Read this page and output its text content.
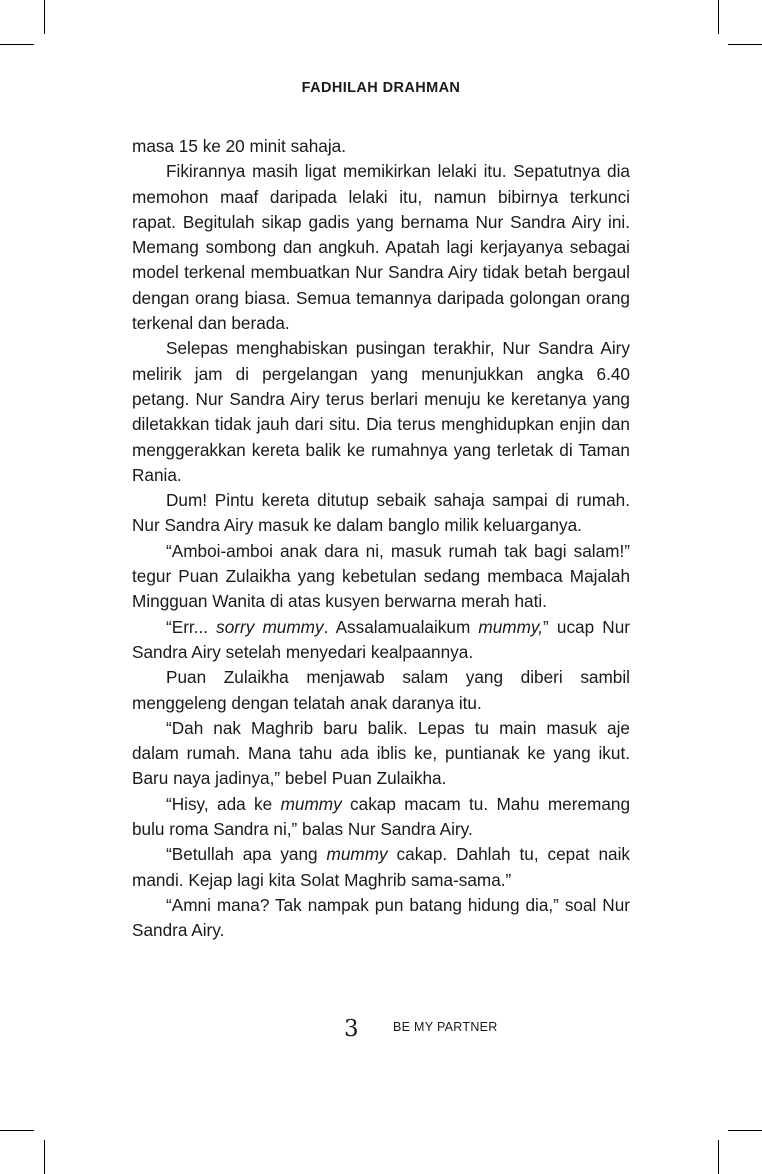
FADHILAH DRAHMAN

masa 15 ke 20 minit sahaja.

Fikirannya masih ligat memikirkan lelaki itu. Sepatutnya dia memohon maaf daripada lelaki itu, namun bibirnya terkunci rapat. Begitulah sikap gadis yang bernama Nur Sandra Airy ini. Memang sombong dan angkuh. Apatah lagi kerjayanya sebagai model terkenal membuatkan Nur Sandra Airy tidak betah bergaul dengan orang biasa. Semua temannya daripada golongan orang terkenal dan berada.

Selepas menghabiskan pusingan terakhir, Nur Sandra Airy melirik jam di pergelangan yang menunjukkan angka 6.40 petang. Nur Sandra Airy terus berlari menuju ke keretanya yang diletakkan tidak jauh dari situ. Dia terus menghidupkan enjin dan menggerakkan kereta balik ke rumahnya yang terletak di Taman Rania.

Dum! Pintu kereta ditutup sebaik sahaja sampai di rumah. Nur Sandra Airy masuk ke dalam banglo milik keluarganya.

“Amboi-amboi anak dara ni, masuk rumah tak bagi salam!” tegur Puan Zulaikha yang kebetulan sedang membaca Majalah Mingguan Wanita di atas kusyen berwarna merah hati.

“Err... sorry mummy. Assalamualaikum mummy,” ucap Nur Sandra Airy setelah menyedari kealpaannya.

Puan Zulaikha menjawab salam yang diberi sambil menggeleng dengan telatah anak daranya itu.

“Dah nak Maghrib baru balik. Lepas tu main masuk aje dalam rumah. Mana tahu ada iblis ke, puntianak ke yang ikut. Baru naya jadinya,” bebel Puan Zulaikha.

“Hisy, ada ke mummy cakap macam tu. Mahu meremang bulu roma Sandra ni,” balas Nur Sandra Airy.

“Betullah apa yang mummy cakap. Dahlah tu, cepat naik mandi. Kejap lagi kita Solat Maghrib sama-sama.”

“Amni mana? Tak nampak pun batang hidung dia,” soal Nur Sandra Airy.

3	BE MY PARTNER
